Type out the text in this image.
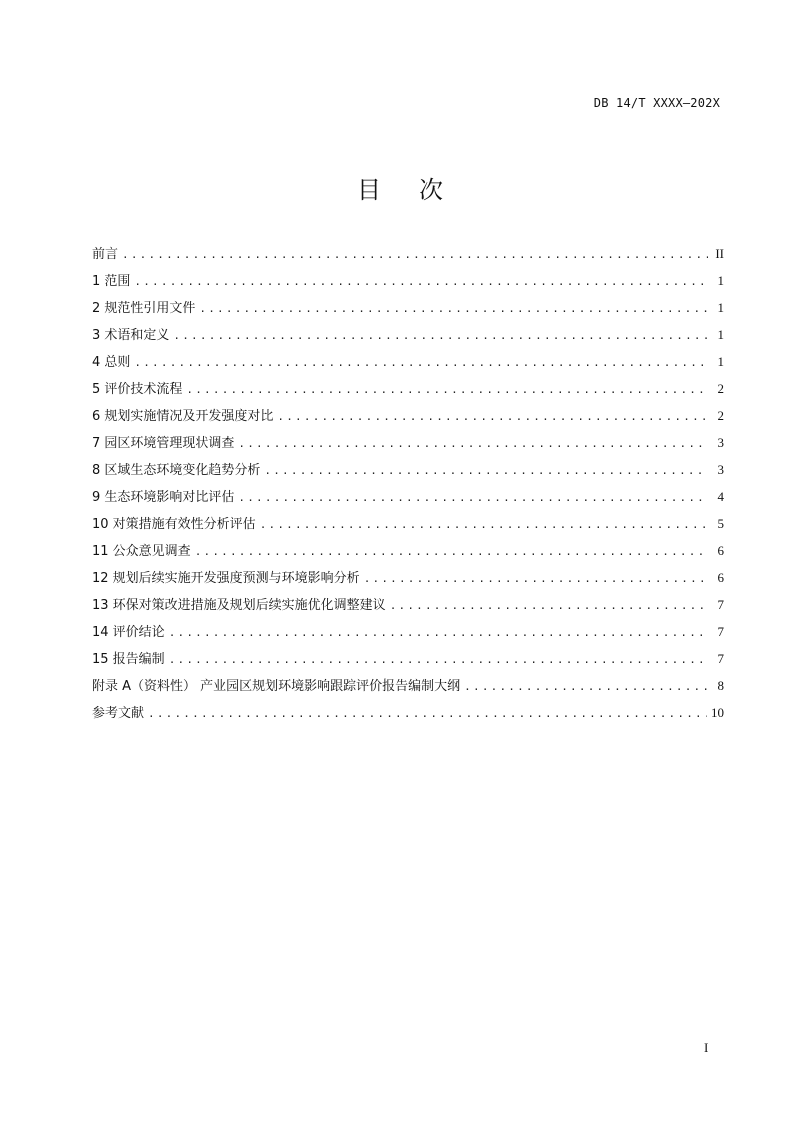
DB 14/T XXXX—202X
目次
前言 .....	II
1 范围 .....	1
2 规范性引用文件 .....	1
3 术语和定义 .....	1
4 总则 .....	1
5 评价技术流程 .....	2
6 规划实施情况及开发强度对比 .....	2
7 园区环境管理现状调查 .....	3
8 区域生态环境变化趋势分析 .....	3
9 生态环境影响对比评估 .....	4
10 对策措施有效性分析评估 .....	5
11 公众意见调查 .....	6
12 规划后续实施开发强度预测与环境影响分析 .....	6
13 环保对策改进措施及规划后续实施优化调整建议 .....	7
14 评价结论 .....	7
15 报告编制 .....	7
附录 A（资料性） 产业园区规划环境影响跟踪评价报告编制大纲 .....	8
参考文献 .....	10
I
